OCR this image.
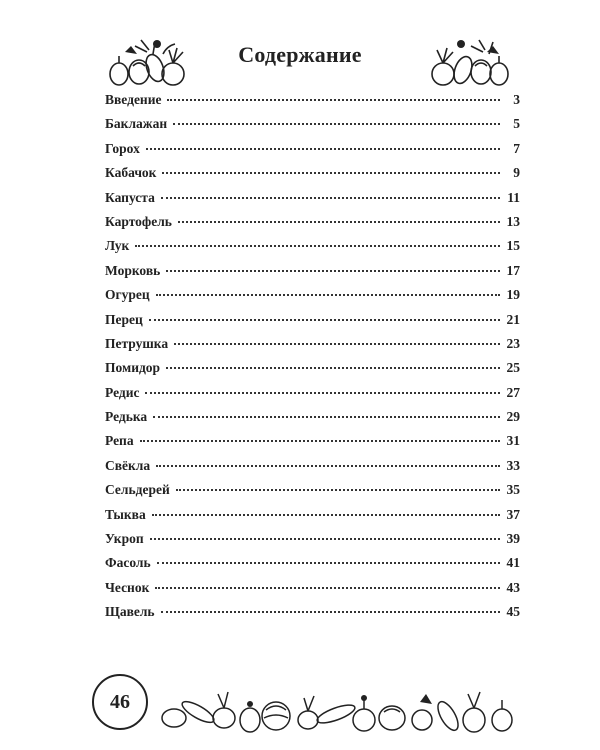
Содержание
Введение	3
Баклажан	5
Горох	7
Кабачок	9
Капуста	11
Картофель	13
Лук	15
Морковь	17
Огурец	19
Перец	21
Петрушка	23
Помидор	25
Редис	27
Редька	29
Репа	31
Свёкла	33
Сельдерей	35
Тыква	37
Укроп	39
Фасоль	41
Чеснок	43
Щавель	45
46
